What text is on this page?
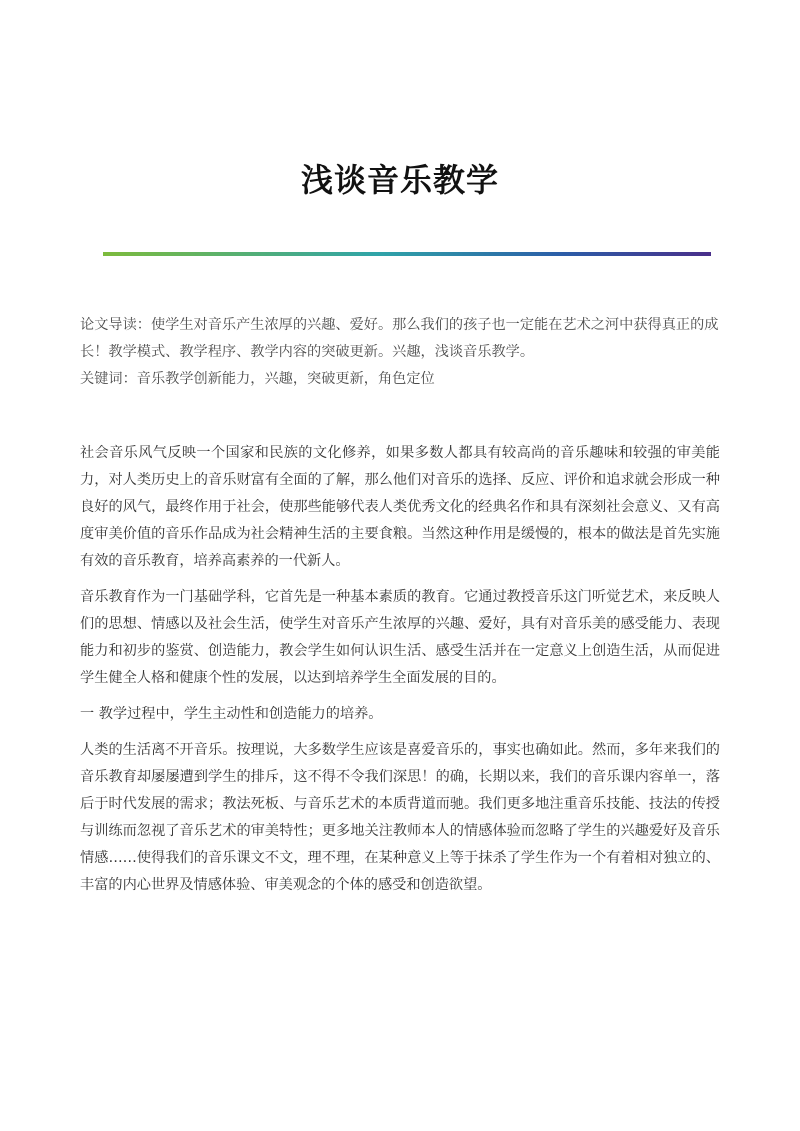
浅谈音乐教学

论文导读：使学生对音乐产生浓厚的兴趣、爱好。那么我们的孩子也一定能在艺术之河中获得真正的成长！教学模式、教学程序、教学内容的突破更新。兴趣，浅谈音乐教学。

关键词：音乐教学创新能力，兴趣，突破更新，角色定位

社会音乐风气反映一个国家和民族的文化修养，如果多数人都具有较高尚的音乐趣味和较强的审美能力，对人类历史上的音乐财富有全面的了解，那么他们对音乐的选择、反应、评价和追求就会形成一种良好的风气，最终作用于社会，使那些能够代表人类优秀文化的经典名作和具有深刻社会意义、又有高度审美价值的音乐作品成为社会精神生活的主要食粮。当然这种作用是缓慢的，根本的做法是首先实施有效的音乐教育，培养高素养的一代新人。

音乐教育作为一门基础学科，它首先是一种基本素质的教育。它通过教授音乐这门听觉艺术，来反映人们的思想、情感以及社会生活，使学生对音乐产生浓厚的兴趣、爱好，具有对音乐美的感受能力、表现能力和初步的鉴赏、创造能力，教会学生如何认识生活、感受生活并在一定意义上创造生活，从而促进学生健全人格和健康个性的发展，以达到培养学生全面发展的目的。

一 教学过程中，学生主动性和创造能力的培养。

人类的生活离不开音乐。按理说，大多数学生应该是喜爱音乐的，事实也确如此。然而，多年来我们的音乐教育却屡屡遭到学生的排斥，这不得不令我们深思！的确，长期以来，我们的音乐课内容单一，落后于时代发展的需求；教法死板、与音乐艺术的本质背道而驰。我们更多地注重音乐技能、技法的传授与训练而忽视了音乐艺术的审美特性；更多地关注教师本人的情感体验而忽略了学生的兴趣爱好及音乐情感……使得我们的音乐课文不文，理不理，在某种意义上等于抹杀了学生作为一个有着相对独立的、丰富的内心世界及情感体验、审美观念的个体的感受和创造欲望。
